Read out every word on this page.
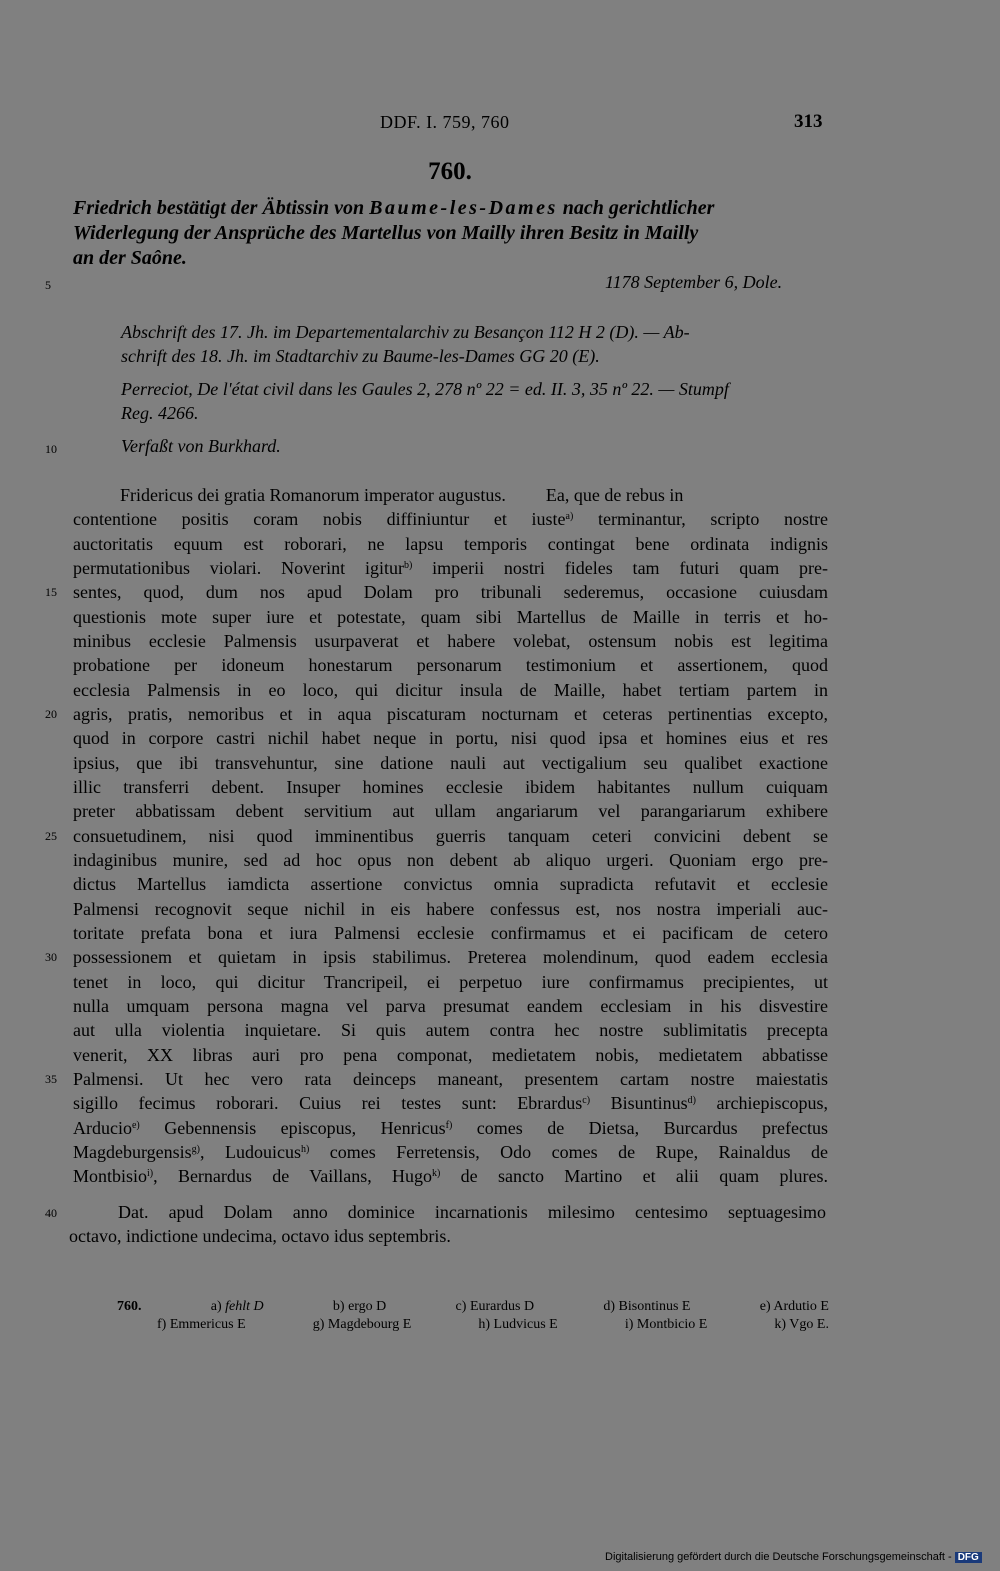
DDF. I. 759, 760	313
760.
Friedrich bestätigt der Äbtissin von Baume-les-Dames nach gerichtlicher
Widerlegung der Ansprüche des Martellus von Mailly ihren Besitz in Mailly
an der Saône.
5	1178 September 6, Dole.
Abschrift des 17. Jh. im Departementalarchiv zu Besançon 112 H 2 (D). — Ab-
schrift des 18. Jh. im Stadtarchiv zu Baume-les-Dames GG 20 (E).
Perreciot, De l'état civil dans les Gaules 2, 278 nº 22 = ed. II. 3, 35 nº 22. — Stumpf
Reg. 4266.
10	Verfaßt von Burkhard.
Fridericus dei gratia Romanorum imperator augustus. Ea, que de rebus in
contentione positis coram nobis diffiniuntur et iuste$^{a)}$ terminantur, scripto nostre
auctoritatis equum est roborari, ne lapsu temporis contingat bene ordinata indignis
permutationibus violari. Noverint igitur$^{b)}$ imperii nostri fideles tam futuri quam pre-
sentes, quod, dum nos apud Dolam pro tribunali sederemus, occasione cuiusdam
questionis mote super iure et potestate, quam sibi Martellus de Maille in terris et ho-
minibus ecclesie Palmensis usurpaverat et habere volebat, ostensum nobis est legitima
probatione per idoneum honestarum personarum testimonium et assertionem, quod
ecclesia Palmensis in eo loco, qui dicitur insula de Maille, habet tertiam partem in
agris, pratis, nemoribus et in aqua piscaturam nocturnam et ceteras pertinentias excepto,
quod in corpore castri nichil habet neque in portu, nisi quod ipsa et homines eius et res
ipsius, que ibi transvehuntur, sine datione nauli aut vectigalium seu qualibet exactione
illic transferri debent. Insuper homines ecclesie ibidem habitantes nullum cuiquam
preter abbatissam debent servitium aut ullam angariarum vel parangariarum exhibere
consuetudinem, nisi quod imminentibus guerris tanquam ceteri convicini debent se
indaginibus munire, sed ad hoc opus non debent ab aliquo urgeri. Quoniam ergo pre-
dictus Martellus iamdicta assertione convictus omnia supradicta refutavit et ecclesie
Palmensi recognovit seque nichil in eis habere confessus est, nos nostra imperiali auc-
toritate prefata bona et iura Palmensi ecclesie confirmamus et ei pacificam de cetero
possessionem et quietam in ipsis stabilimus. Preterea molendinum, quod eadem ecclesia
tenet in loco, qui dicitur Trancripeil, ei perpetuo iure confirmamus precipientes, ut
nulla umquam persona magna vel parva presumat eandem ecclesiam in his disvestire
aut ulla violentia inquietare. Si quis autem contra hec nostre sublimitatis precepta
venerit, XX libras auri pro pena componat, medietatem nobis, medietatem abbatisse
Palmensi. Ut hec vero rata deinceps maneant, presentem cartam nostre maiestatis
sigillo fecimus roborari. Cuius rei testes sunt: Ebrardus$^{c)}$ Bisuntinus$^{d)}$ archiepiscopus,
Arducio$^{e)}$ Gebennensis episcopus, Henricus$^{f)}$ comes de Dietsa, Burcardus prefectus
Magdeburgensis$^{g)}$, Ludouicus$^{h)}$ comes Ferretensis, Odo comes de Rupe, Rainaldus de
Montbisio$^{i)}$, Bernardus de Vaillans, Hugo$^{k)}$ de sancto Martino et alii quam plures.
15
20
25
30
35
Dat. apud Dolam anno dominice incarnationis milesimo centesimo septuagesimo
octavo, indictione undecima, octavo idus septembris.
40
760.	a) fehlt D	b) ergo D	c) Eurardus D	d) Bisontinus E	e) Ardutio E
f) Emmericus E	g) Magdebourg E	h) Ludvicus E	i) Montbicio E	k) Vgo E.
Digitalisierung gefördert durch die Deutsche Forschungsgemeinschaft - DFG
